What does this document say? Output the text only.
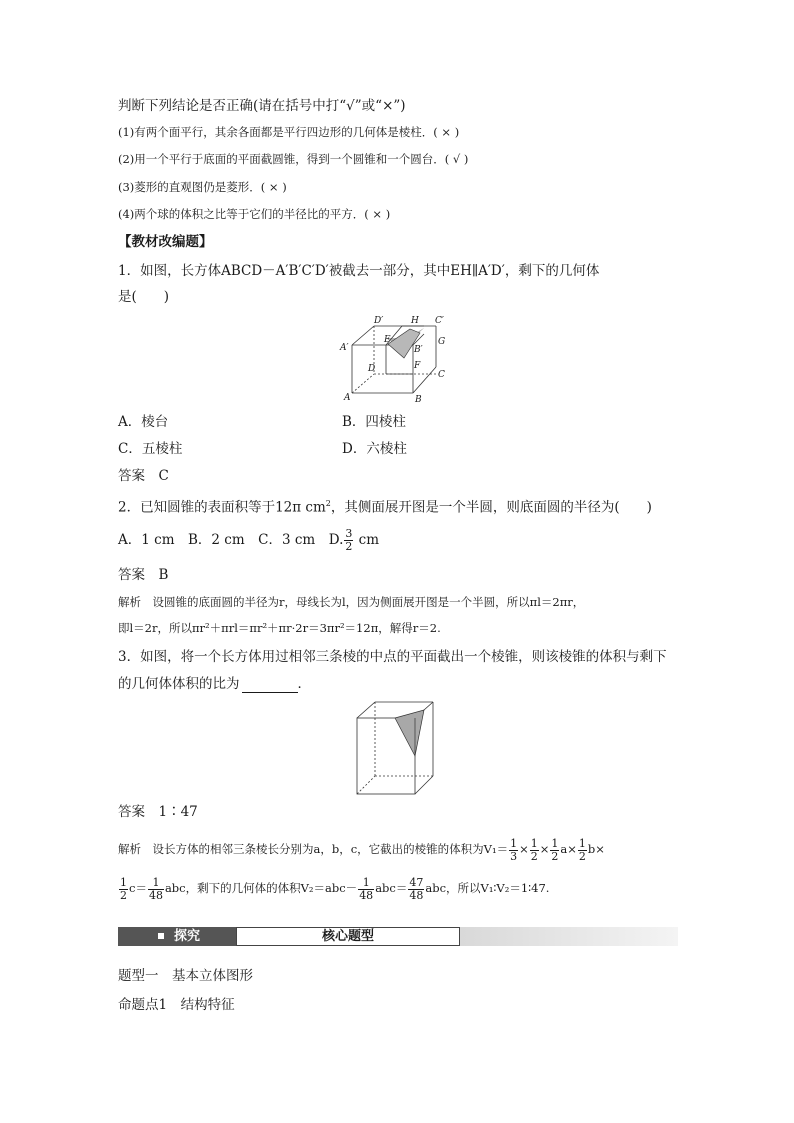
判断下列结论是否正确(请在括号中打“√”或“×”)
(1)有两个面平行，其余各面都是平行四边形的几何体是棱柱．( × )
(2)用一个平行于底面的平面截圆锥，得到一个圆锥和一个圆台．( √ )
(3)菱形的直观图仍是菱形．( × )
(4)两个球的体积之比等于它们的半径比的平方．( × )
【教材改编题】
1．如图，长方体ABCD－A′B′C′D′被截去一部分，其中EH∥A′D′，剩下的几何体
是(　　)
D′	H C′
A′
E
B′
G
D	F
C
A	B
A．棱台	B．四棱柱
C．五棱柱	D．六棱柱
答案　C
2．已知圆锥的表面积等于12π $cm^2$，其侧面展开图是一个半圆，则底面圆的半径为(　　)
A．1 cm　B．2 cm　C．3 cm　D. $\frac{3}{2}$ cm
答案　B
解析　设圆锥的底面圆的半径为r，母线长为l，因为侧面展开图是一个半圆，所以πl＝2πr，
即l＝2r，所以πr²＋πrl＝πr²＋πr·2r＝3πr²＝12π，解得r＝2.
3．如图，将一个长方体用过相邻三条棱的中点的平面截出一个棱锥，则该棱锥的体积与剩下
的几何体体积的比为	．
答案　1∶47
解析　设长方体的相邻三条棱长分别为a，b，c，它截出的棱锥的体积为$V_1= \frac{1}{3} \times \frac{1}{2} \times \frac{1}{2} a\times \frac{1}{2} b\times$
$\frac{1}{2} c= \frac{1}{48}$ abc，剩下的几何体的体积$V_2=abc- \frac{1}{48} abc= \frac{47}{48}$ abc，所以V₁∶V₂＝1∶47.
探究	核心题型
题型一　基本立体图形
命题点1　结构特征
